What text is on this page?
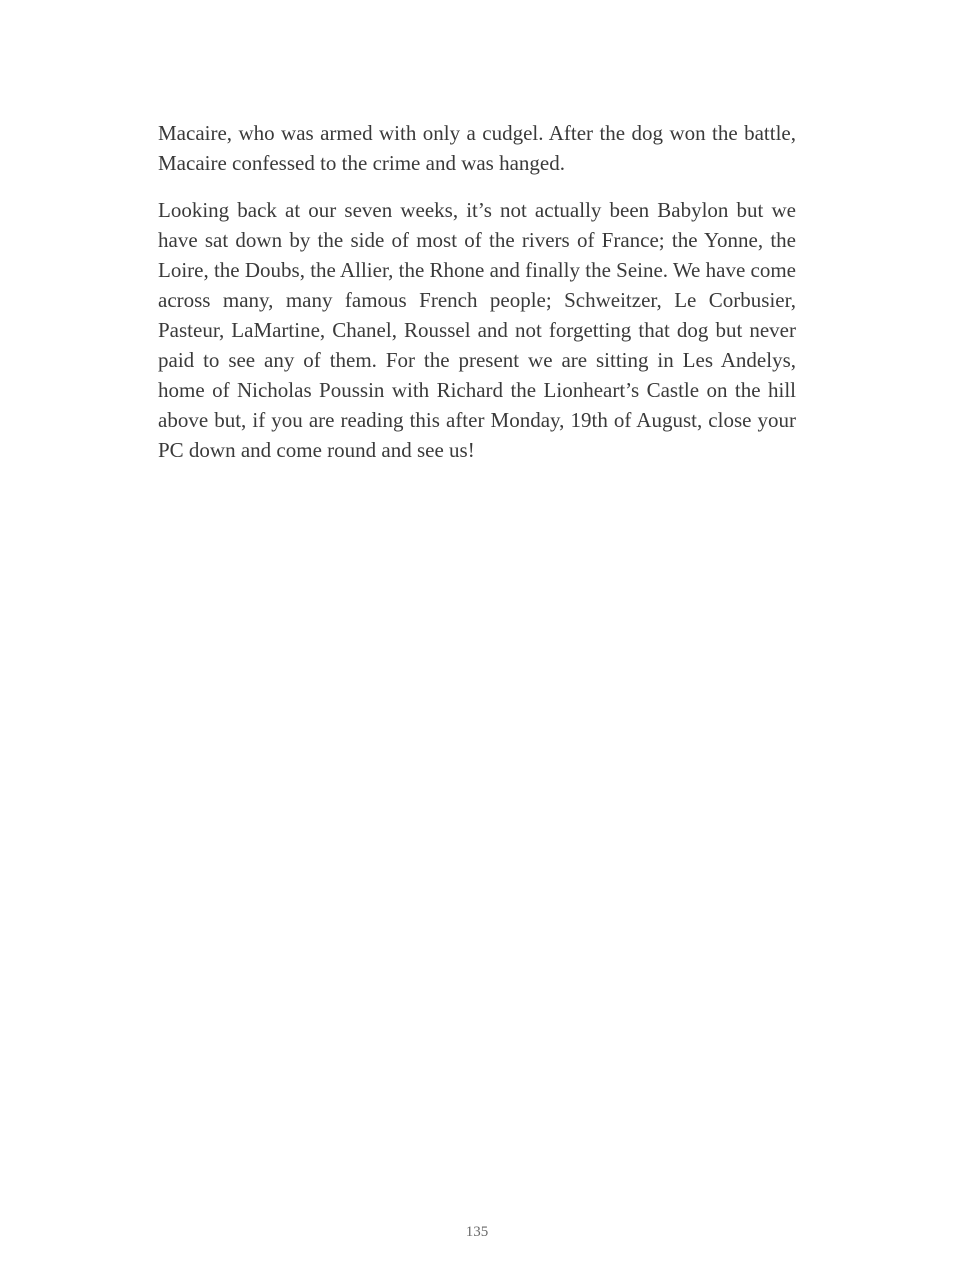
Macaire, who was armed with only a cudgel. After the dog won the battle, Macaire confessed to the crime and was hanged.

Looking back at our seven weeks, it’s not actually been Babylon but we have sat down by the side of most of the rivers of France; the Yonne, the Loire, the Doubs, the Allier, the Rhone and finally the Seine. We have come across many, many famous French people; Schweitzer, Le Corbusier, Pasteur, LaMartine, Chanel, Roussel and not forgetting that dog but never paid to see any of them. For the present we are sitting in Les Andelys, home of Nicholas Poussin with Richard the Lionheart’s Castle on the hill above but, if you are reading this after Monday, 19th of August, close your PC down and come round and see us!

135
